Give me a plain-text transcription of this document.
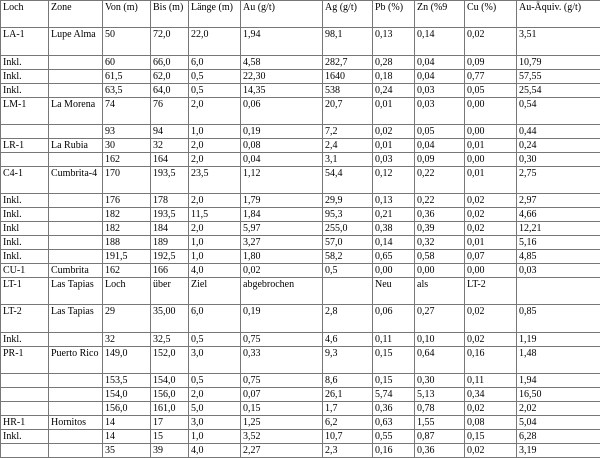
Loch	Zone	Von (m)	Bis (m)	Länge (m)	Au (g/t)	Ag (g/t)	Pb (%)	Zn (%9	Cu (%)	Au-Äquiv. (g/t)
LA-1	Lupe Alma	50	72,0	22,0	1,94	98,1	0,13	0,14	0,02	3,51
Inkl.		60	66,0	6,0	4,58	282,7	0,28	0,04	0,09	10,79
Inkl.		61,5	62,0	0,5	22,30	1640	0,18	0,04	0,77	57,55
Inkl.		63,5	64,0	0,5	14,35	538	0,24	0,03	0,05	25,54
LM-1	La Morena	74	76	2,0	0,06	20,7	0,01	0,03	0,00	0,54
		93	94	1,0	0,19	7,2	0,02	0,05	0,00	0,44
LR-1	La Rubia	30	32	2,0	0,08	2,4	0,01	0,04	0,01	0,24
		162	164	2,0	0,04	3,1	0,03	0,09	0,00	0,30
C4-1	Cumbrita-4	170	193,5	23,5	1,12	54,4	0,12	0,22	0,01	2,75
Inkl.		176	178	2,0	1,79	29,9	0,13	0,22	0,02	2,97
Inkl.		182	193,5	11,5	1,84	95,3	0,21	0,36	0,02	4,66
Inkl		182	184	2,0	5,97	255,0	0,38	0,39	0,02	12,21
Inkl.		188	189	1,0	3,27	57,0	0,14	0,32	0,01	5,16
Inkl.		191,5	192,5	1,0	1,80	58,2	0,65	0,58	0,07	4,85
CU-1	Cumbrita	162	166	4,0	0,02	0,5	0,00	0,00	0,00	0,03
LT-1	Las Tapias	Loch	über	Ziel	abgebrochen		Neu	als	LT-2	
LT-2	Las Tapias	29	35,00	6,0	0,19	2,8	0,06	0,27	0,02	0,85
Inkl.		32	32,5	0,5	0,75	4,6	0,11	0,10	0,02	1,19
PR-1	Puerto Rico	149,0	152,0	3,0	0,33	9,3	0,15	0,64	0,16	1,48
		153,5	154,0	0,5	0,75	8,6	0,15	0,30	0,11	1,94
		154,0	156,0	2,0	0,07	26,1	5,74	5,13	0,34	16,50
		156,0	161,0	5,0	0,15	1,7	0,36	0,78	0,02	2,02
HR-1	Hornitos	14	17	3,0	1,25	6,2	0,63	1,55	0,08	5,04
Inkl.		14	15	1,0	3,52	10,7	0,55	0,87	0,15	6,28
		35	39	4,0	2,27	2,3	0,16	0,36	0,02	3,19
